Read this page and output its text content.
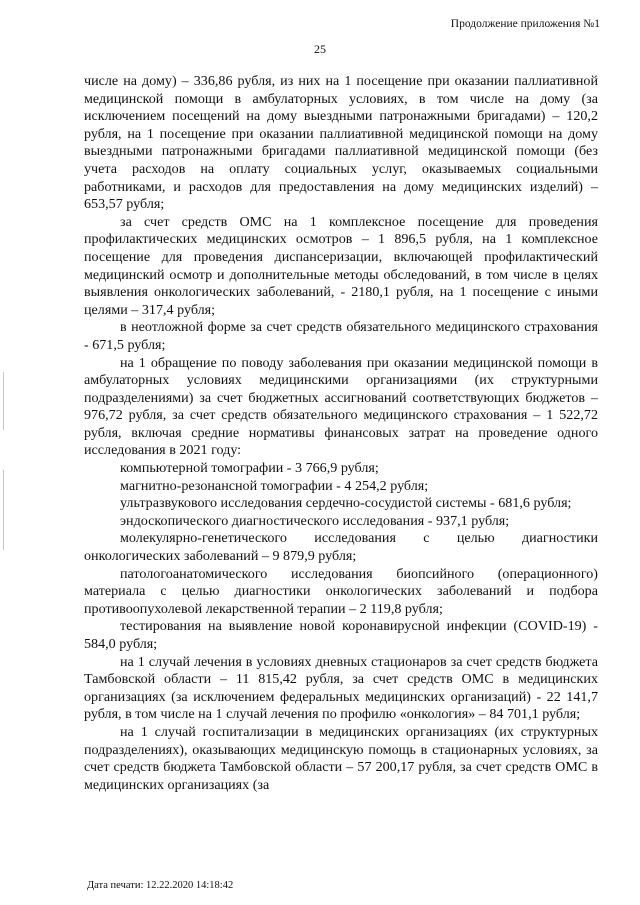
Продолжение приложения №1
25

числе на дому) – 336,86 рубля, из них на 1 посещение при оказании паллиативной медицинской помощи в амбулаторных условиях, в том числе на дому (за исключением посещений на дому выездными патронажными бригадами) – 120,2 рубля, на 1 посещение при оказании паллиативной медицинской помощи на дому выездными патронажными бригадами паллиативной медицинской помощи (без учета расходов на оплату социальных услуг, оказываемых социальными работниками, и расходов для предоставления на дому медицинских изделий) – 653,57 рубля;

за счет средств ОМС на 1 комплексное посещение для проведения профилактических медицинских осмотров – 1 896,5 рубля, на 1 комплексное посещение для проведения диспансеризации, включающей профилактический медицинский осмотр и дополнительные методы обследований, в том числе в целях выявления онкологических заболеваний, - 2180,1 рубля, на 1 посещение с иными целями – 317,4 рубля;

в неотложной форме за счет средств обязательного медицинского страхования - 671,5 рубля;

на 1 обращение по поводу заболевания при оказании медицинской помощи в амбулаторных условиях медицинскими организациями (их структурными подразделениями) за счет бюджетных ассигнований соответствующих бюджетов – 976,72 рубля, за счет средств обязательного медицинского страхования – 1 522,72 рубля, включая средние нормативы финансовых затрат на проведение одного исследования в 2021 году:

компьютерной томографии - 3 766,9 рубля;

магнитно-резонансной томографии - 4 254,2 рубля;

ультразвукового исследования сердечно-сосудистой системы - 681,6 рубля;

эндоскопического диагностического исследования - 937,1 рубля;

молекулярно-генетического исследования с целью диагностики онкологических заболеваний – 9 879,9 рубля;

патологоанатомического исследования биопсийного (операционного) материала с целью диагностики онкологических заболеваний и подбора противоопухолевой лекарственной терапии – 2 119,8 рубля;

тестирования на выявление новой коронавирусной инфекции (COVID-19) - 584,0 рубля;

на 1 случай лечения в условиях дневных стационаров за счет средств бюджета Тамбовской области – 11 815,42 рубля, за счет средств ОМС в медицинских организациях (за исключением федеральных медицинских организаций) - 22 141,7 рубля, в том числе на 1 случай лечения по профилю «онкология» – 84 701,1 рубля;

на 1 случай госпитализации в медицинских организациях (их структурных подразделениях), оказывающих медицинскую помощь в стационарных условиях, за счет средств бюджета Тамбовской области – 57 200,17 рубля, за счет средств ОМС в медицинских организациях (за

Дата печати: 12.22.2020 14:18:42
